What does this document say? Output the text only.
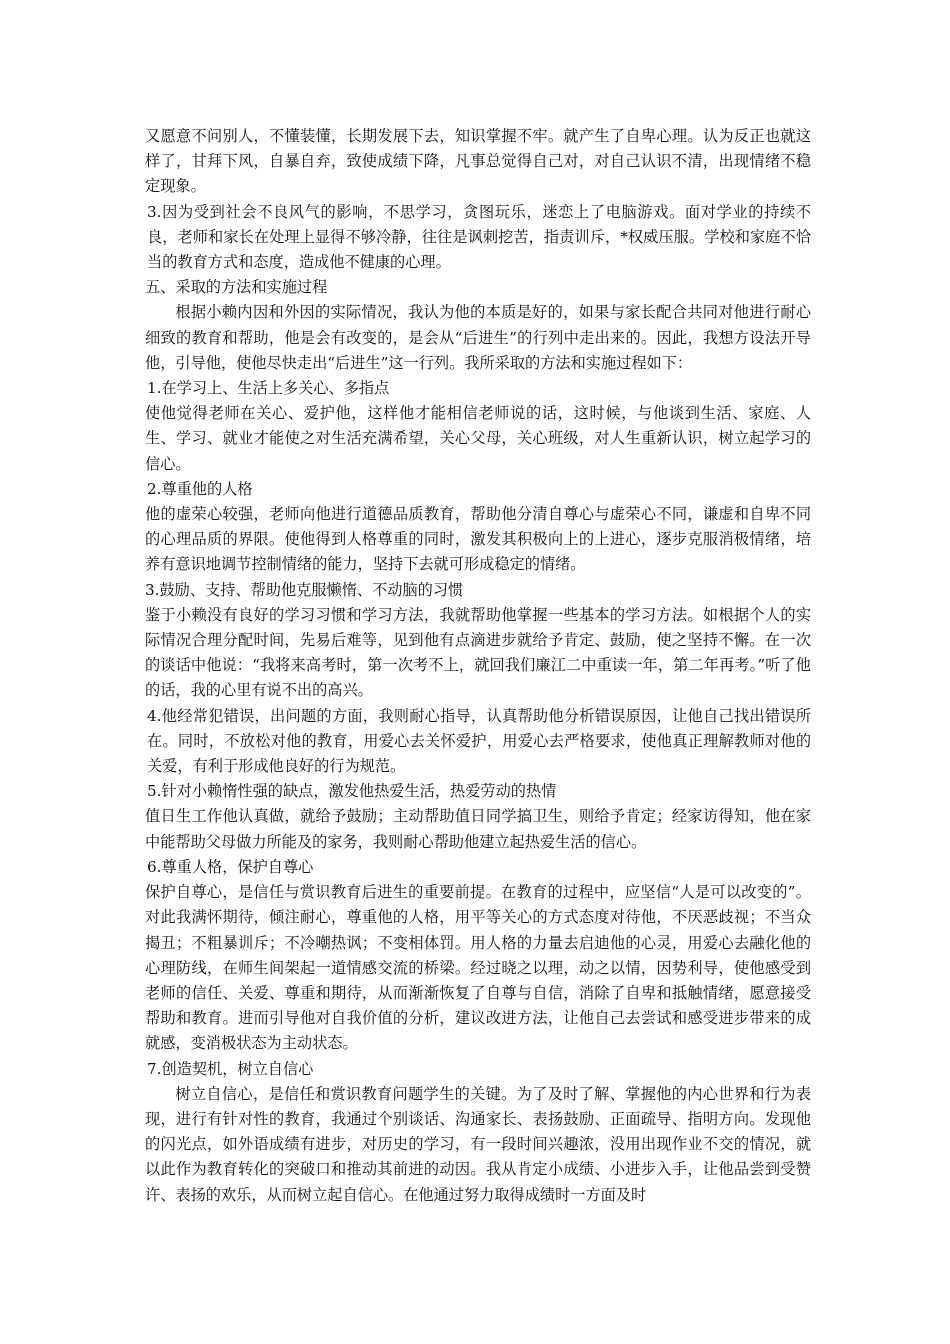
又愿意不问别人，不懂装懂，长期发展下去，知识掌握不牢。就产生了自卑心理。认为反正也就这样了，甘拜下风，自暴自弃，致使成绩下降，凡事总觉得自己对，对自己认识不清，出现情绪不稳定现象。

3.因为受到社会不良风气的影响，不思学习，贪图玩乐，迷恋上了电脑游戏。面对学业的持续不良，老师和家长在处理上显得不够冷静，往往是讽刺挖苦，指责训斥，*权威压服。学校和家庭不恰当的教育方式和态度，造成他不健康的心理。

五、采取的方法和实施过程

根据小赖内因和外因的实际情况，我认为他的本质是好的，如果与家长配合共同对他进行耐心细致的教育和帮助，他是会有改变的，是会从“后进生”的行列中走出来的。因此，我想方设法开导他，引导他，使他尽快走出“后进生”这一行列。我所采取的方法和实施过程如下：

1.在学习上、生活上多关心、多指点

使他觉得老师在关心、爱护他，这样他才能相信老师说的话，这时候，与他谈到生活、家庭、人生、学习、就业才能使之对生活充满希望，关心父母，关心班级，对人生重新认识，树立起学习的信心。

2.尊重他的人格

他的虚荣心较强，老师向他进行道德品质教育，帮助他分清自尊心与虚荣心不同，谦虚和自卑不同的心理品质的界限。使他得到人格尊重的同时，激发其积极向上的上进心，逐步克服消极情绪，培养有意识地调节控制情绪的能力，坚持下去就可形成稳定的情绪。

3.鼓励、支持、帮助他克服懒惰、不动脑的习惯

鉴于小赖没有良好的学习习惯和学习方法，我就帮助他掌握一些基本的学习方法。如根据个人的实际情况合理分配时间，先易后难等，见到他有点滴进步就给予肯定、鼓励，使之坚持不懈。在一次的谈话中他说：“我将来高考时，第一次考不上，就回我们廉江二中重读一年，第二年再考。”听了他的话，我的心里有说不出的高兴。

4.他经常犯错误，出问题的方面，我则耐心指导，认真帮助他分析错误原因，让他自己找出错误所在。同时，不放松对他的教育，用爱心去关怀爱护，用爱心去严格要求，使他真正理解教师对他的关爱，有利于形成他良好的行为规范。

5.针对小赖惰性强的缺点，激发他热爱生活，热爱劳动的热情

值日生工作他认真做，就给予鼓励；主动帮助值日同学搞卫生，则给予肯定；经家访得知，他在家中能帮助父母做力所能及的家务，我则耐心帮助他建立起热爱生活的信心。

6.尊重人格，保护自尊心

保护自尊心，是信任与赏识教育后进生的重要前提。在教育的过程中，应坚信“人是可以改变的”。对此我满怀期待，倾注耐心，尊重他的人格，用平等关心的方式态度对待他，不厌恶歧视；不当众揭丑；不粗暴训斥；不冷嘲热讽；不变相体罚。用人格的力量去启迪他的心灵，用爱心去融化他的心理防线，在师生间架起一道情感交流的桥梁。经过晓之以理，动之以情，因势利导，使他感受到老师的信任、关爱、尊重和期待，从而渐渐恢复了自尊与自信，消除了自卑和抵触情绪，愿意接受帮助和教育。进而引导他对自我价值的分析，建议改进方法，让他自己去尝试和感受进步带来的成就感，变消极状态为主动状态。

7.创造契机，树立自信心

树立自信心，是信任和赏识教育问题学生的关键。为了及时了解、掌握他的内心世界和行为表现，进行有针对性的教育，我通过个别谈话、沟通家长、表扬鼓励、正面疏导、指明方向。发现他的闪光点，如外语成绩有进步，对历史的学习，有一段时间兴趣浓，没用出现作业不交的情况，就以此作为教育转化的突破口和推动其前进的动因。我从肯定小成绩、小进步入手，让他品尝到受赞许、表扬的欢乐，从而树立起自信心。在他通过努力取得成绩时一方面及时
